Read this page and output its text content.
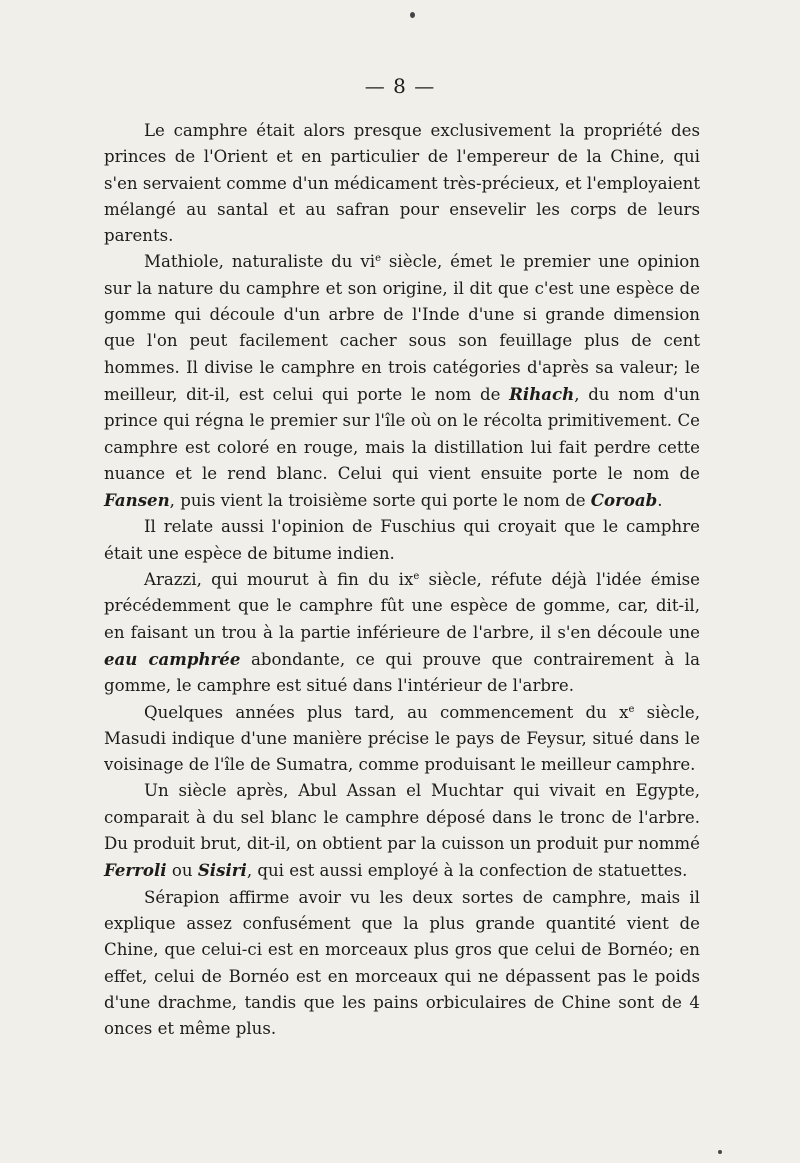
— 8 —

Le camphre était alors presque exclusivement la propriété des princes de l'Orient et en particulier de l'empereur de la Chine, qui s'en servaient comme d'un médicament très-précieux, et l'employaient mélangé au santal et au safran pour ensevelir les corps de leurs parents.

Mathiole, naturaliste du $vi^e$ siècle, émet le premier une opinion sur la nature du camphre et son origine, il dit que c'est une espèce de gomme qui découle d'un arbre de l'Inde d'une si grande dimension que l'on peut facilement cacher sous son feuillage plus de cent hommes. Il divise le camphre en trois catégories d'après sa valeur; le meilleur, dit-il, est celui qui porte le nom de Rihach, du nom d'un prince qui régna le premier sur l'île où on le récolta primitivement. Ce camphre est coloré en rouge, mais la distillation lui fait perdre cette nuance et le rend blanc. Celui qui vient ensuite porte le nom de Fansen, puis vient la troisième sorte qui porte le nom de Coroab.

Il relate aussi l'opinion de Fuschius qui croyait que le camphre était une espèce de bitume indien.

Arazzi, qui mourut à fin du $ix^e$ siècle, réfute déjà l'idée émise précédemment que le camphre fût une espèce de gomme, car, dit-il, en faisant un trou à la partie inférieure de l'arbre, il s'en découle une eau camphrée abondante, ce qui prouve que contrairement à la gomme, le camphre est situé dans l'intérieur de l'arbre.

Quelques années plus tard, au commencement du $x^e$ siècle, Masudi indique d'une manière précise le pays de Feysur, situé dans le voisinage de l'île de Sumatra, comme produisant le meilleur camphre.

Un siècle après, Abul Assan el Muchtar qui vivait en Egypte, comparait à du sel blanc le camphre déposé dans le tronc de l'arbre. Du produit brut, dit-il, on obtient par la cuisson un produit pur nommé Ferroli ou Sisiri, qui est aussi employé à la confection de statuettes.

Sérapion affirme avoir vu les deux sortes de camphre, mais il explique assez confusément que la plus grande quantité vient de Chine, que celui-ci est en morceaux plus gros que celui de Bornéo; en effet, celui de Bornéo est en morceaux qui ne dépassent pas le poids d'une drachme, tandis que les pains orbiculaires de Chine sont de 4 onces et même plus.
